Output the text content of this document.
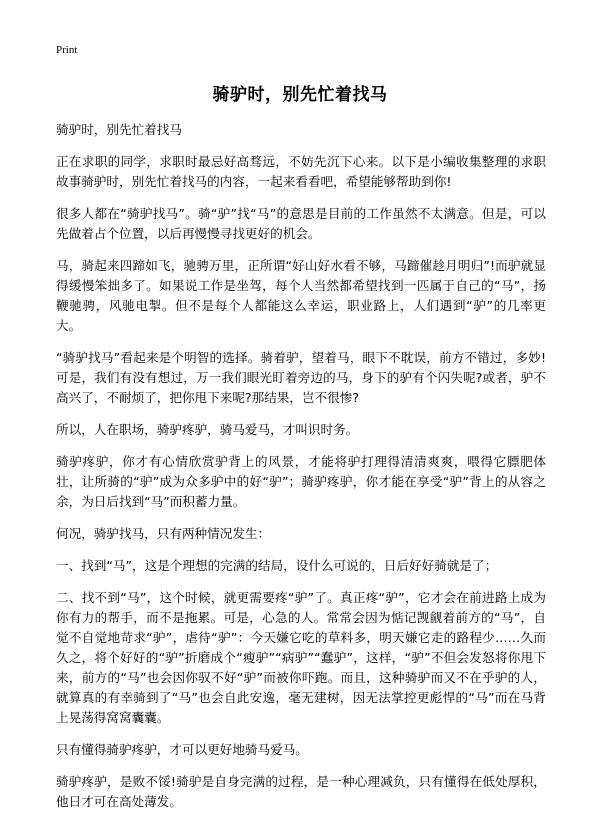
Print
骑驴时，别先忙着找马

骑驴时，别先忙着找马

正在求职的同学，求职时最忌好高骛远，不妨先沉下心来。以下是小编收集整理的求职故事骑驴时，别先忙着找马的内容，一起来看看吧，希望能够帮助到你!

很多人都在“骑驴找马”。骑“驴”找“马”的意思是目前的工作虽然不太满意。但是，可以先做着占个位置，以后再慢慢寻找更好的机会。

马，骑起来四蹄如飞，驰骋万里，正所谓“好山好水看不够，马蹄催趁月明归”!而驴就显得缓慢笨拙多了。如果说工作是坐驾，每个人当然都希望找到一匹属于自己的“马”，扬鞭驰骋，风驰电掣。但不是每个人都能这么幸运，职业路上，人们遇到“驴”的几率更大。

“骑驴找马”看起来是个明智的选择。骑着驴，望着马，眼下不耽误，前方不错过，多妙!可是，我们有没有想过，万一我们眼光盯着旁边的马，身下的驴有个闪失呢?或者，驴不高兴了，不耐烦了，把你甩下来呢?那结果，岂不很惨?

所以，人在职场，骑驴疼驴，骑马爱马，才叫识时务。

骑驴疼驴，你才有心情欣赏驴背上的风景，才能将驴打理得清清爽爽，喂得它膘肥体壮，让所骑的“驴”成为众多驴中的好“驴”；骑驴疼驴，你才能在享受“驴”背上的从容之余，为日后找到“马”而积蓄力量。

何况，骑驴找马，只有两种情况发生：

一、找到“马”，这是个理想的完满的结局，设什么可说的，日后好好骑就是了；

二、找不到“马”，这个时候，就更需要疼“驴”了。真正疼“驴”，它才会在前进路上成为你有力的帮手，而不是拖累。可是，心急的人。常常会因为惦记觊觎着前方的“马”，自觉不自觉地苛求“驴”，虐待“驴”：今天嫌它吃的草料多，明天嫌它走的路程少……久而久之，将个好好的“驴”折磨成个“瘦驴”“病驴”“蠢驴”，这样，“驴”不但会发怒将你甩下来，前方的“马”也会因你驭不好“驴”而被你吓跑。而且，这种骑驴而又不在乎驴的人，就算真的有幸骑到了“马”也会自此安逸，毫无建树，因无法掌控更彪悍的“马”而在马背上晃荡得窝窝囊囊。

只有懂得骑驴疼驴，才可以更好地骑马爱马。

骑驴疼驴，是败不馁!骑驴是自身完满的过程，是一种心理减负，只有懂得在低处厚积，他日才可在高处薄发。
